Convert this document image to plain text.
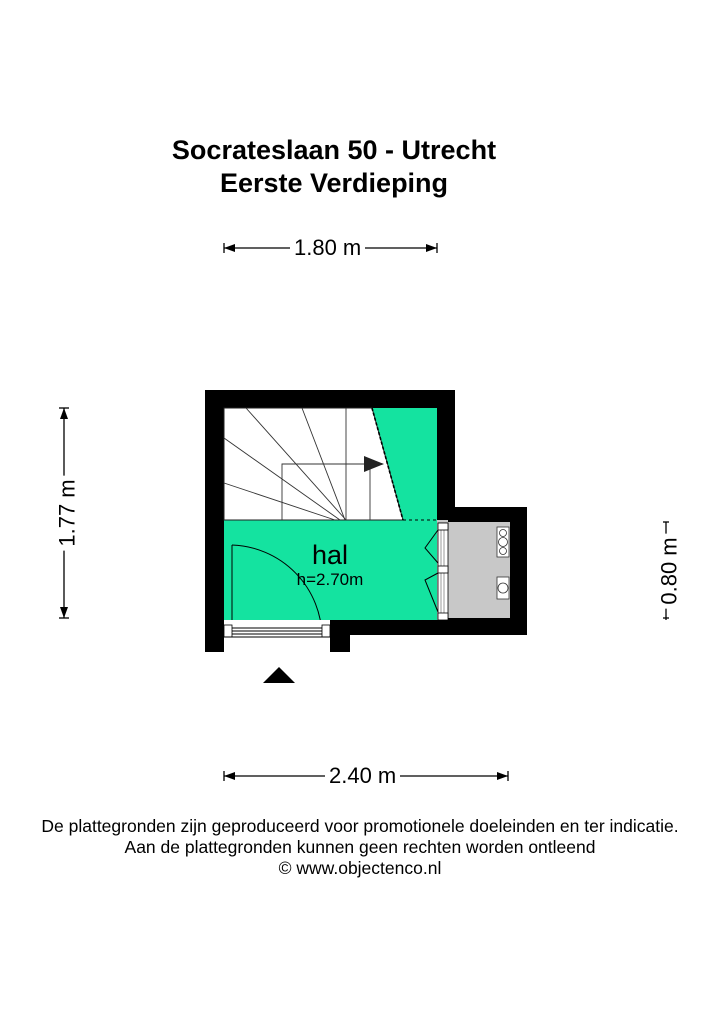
Socrateslaan 50 - Utrecht
Eerste Verdieping
hal
h=2.70m
1.80 m
2.40 m
1.77 m
0.80 m
De plattegronden zijn geproduceerd voor promotionele doeleinden en ter indicatie.
Aan de plattegronden kunnen geen rechten worden ontleend
© www.objectenco.nl
